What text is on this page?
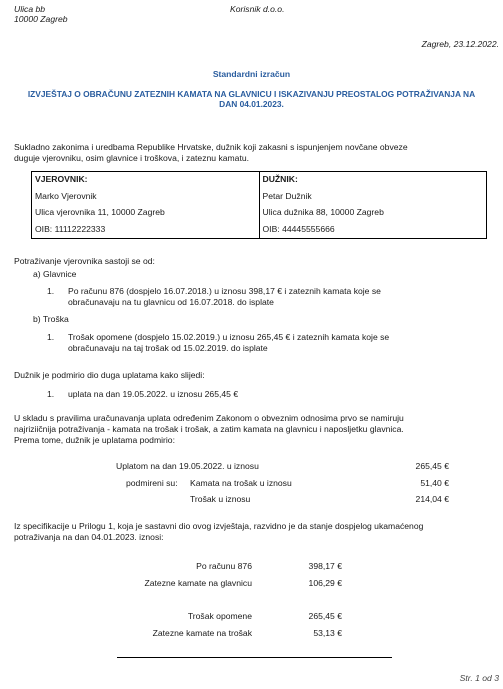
Ulica bb
10000 Zagreb
Korisnik d.o.o.
Zagreb, 23.12.2022.
Standardni izračun
IZVJEŠTAJ O OBRAČUNU ZATEZNIH KAMATA NA GLAVNICU I ISKAZIVANJU PREOSTALOG POTRAŽIVANJA NA
DAN 04.01.2023.
Sukladno zakonima i uredbama Republike Hrvatske, dužnik koji zakasni s ispunjenjem novčane obveze
duguje vjerovniku, osim glavnice i troškova, i zateznu kamatu.
VJEROVNIK:
Marko Vjerovnik
Ulica vjerovnika 11, 10000 Zagreb
OIB: 11112222333
DUŽNIK:
Petar Dužnik
Ulica dužnika 88, 10000 Zagreb
OIB: 44445555666
Potraživanje vjerovnika sastoji se od:
a) Glavnice
1. Po računu 876 (dospjelo 16.07.2018.) u iznosu 398,17 € i zateznih kamata koje se
obračunavaju na tu glavnicu od 16.07.2018. do isplate
b) Troška
1. Trošak opomene (dospjelo 15.02.2019.) u iznosu 265,45 € i zateznih kamata koje se
obračunavaju na taj trošak od 15.02.2019. do isplate
Dužnik je podmirio dio duga uplatama kako slijedi:
1. uplata na dan 19.05.2022. u iznosu 265,45 €
U skladu s pravilima uračunavanja uplata određenim Zakonom o obveznim odnosima prvo se namiruju
najriziičnija potraživanja - kamata na trošak i trošak, a zatim kamata na glavnicu i naposljetku glavnica.
Prema tome, dužnik je uplatama podmirio:
Uplatom na dan 19.05.2022. u iznosu	265,45 €
podmireni su: Kamata na trošak u iznosu	51,40 €
Trošak u iznosu	214,04 €
Iz specifikacije u Prilogu 1, koja je sastavni dio ovog izvještaja, razvidno je da stanje dospjelog ukamaćenog
potraživanja na dan 04.01.2023. iznosi:
Po računu 876	398,17 €
Zatezne kamate na glavnicu	106,29 €
Trošak opomene	265,45 €
Zatezne kamate na trošak	53,13 €
Str. 1 od 3
